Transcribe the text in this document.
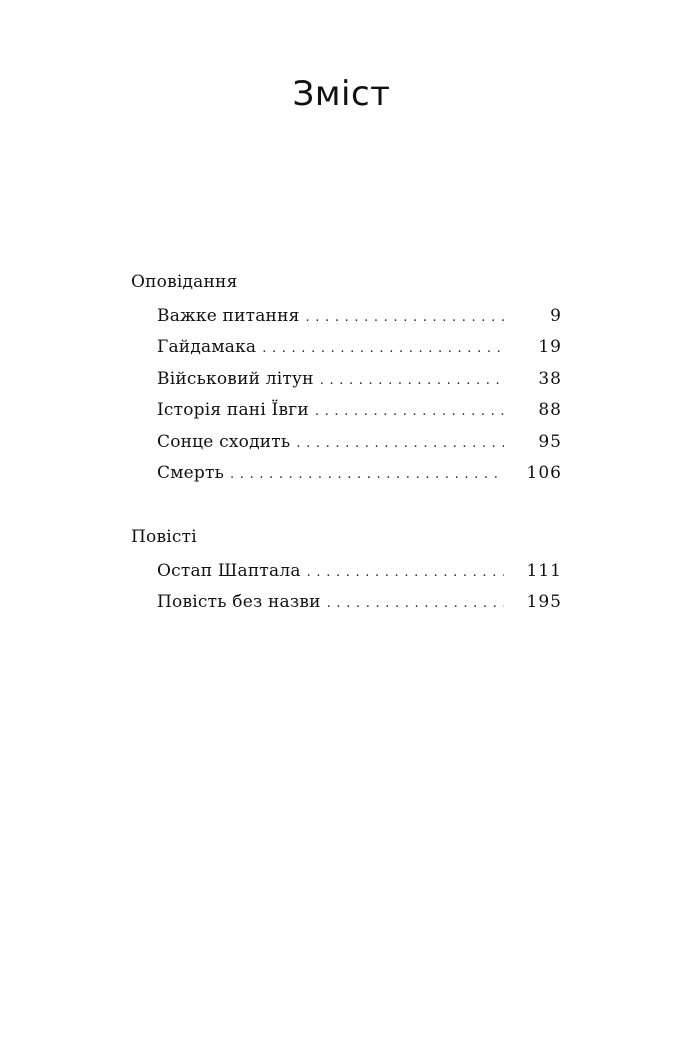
Зміст
Оповідання
Важке питання . . .	9
Гайдамака . . .	19
Військовий літун . . .	38
Історія пані Ївги . . .	88
Сонце сходить . . .	95
Смерть . . .	106
Повісті
Остап Шаптала . . .	111
Повість без назви . . .	195
